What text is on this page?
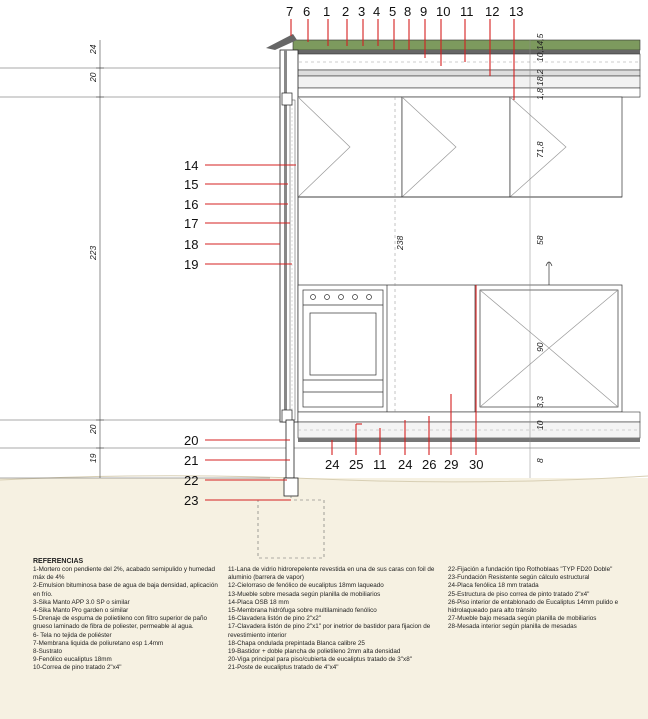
7 6 1 2 3 4 5 8 9 10 11 12 13
14
15
16
17
18
19
20
21
22
23
24 25 11 24 26 29 30
24
20
223
20
19
10,14,5
18,2
1,8
71,8
58
90
3,3
10
8
238
REFERENCIAS
1-Mortero con pendiente del 2%, acabado semipulido y humedad máx de 4%
2-Emulsion bituminosa base de agua de baja densidad, aplicación en frío.
3-Sika Manto APP 3.0 SP o similar
4-Sika Manto Pro garden o similar
5-Drenaje de espuma de polietileno con filtro superior de paño grueso laminado de fibra de poliester, permeable al agua.
6- Tela no tejida de poliéster
7-Membrana liquida de poliuretano esp 1.4mm
8-Sustrato
9-Fenólico eucaliptus 18mm
10-Correa de pino tratado 2"x4"
11-Lana de vidrio hidrorepelente revestida en una de sus caras con foil de aluminio (barrera de vapor)
12-Cielorraso de fenólico de eucaliptus 18mm laqueado
13-Mueble sobre mesada según planilla de mobiliarios
14-Placa OSB 18 mm
15-Membrana hidrófuga sobre multilaminado fenólico
16-Clavadera listón de pino 2"x2"
17-Clavadera listón de pino 2"x1" por inetrior de bastidor para fijacion de revestimiento interior
18-Chapa ondulada prepintada Blanca calibre 25
19-Bastidor + doble plancha de polietileno 2mm alta densidad
20-Viga principal para piso/cubierta de eucaliptus tratado de 3"x8"
21-Poste de eucaliptus tratado de 4"x4"
22-Fijación a fundación tipo Rothoblaas "TYP FD20 Doble"
23-Fundación Resistente según cálculo estructural
24-Placa fenólica 18 mm tratada
25-Estructura de piso correa de pinto tratado 2"x4"
26-Piso interior de entablonado de Eucaliptus 14mm pulido e hidrolaqueado para alto tránsito
27-Mueble bajo mesada según planilla de mobiliarios
28-Mesada interior según planilla de mesadas
